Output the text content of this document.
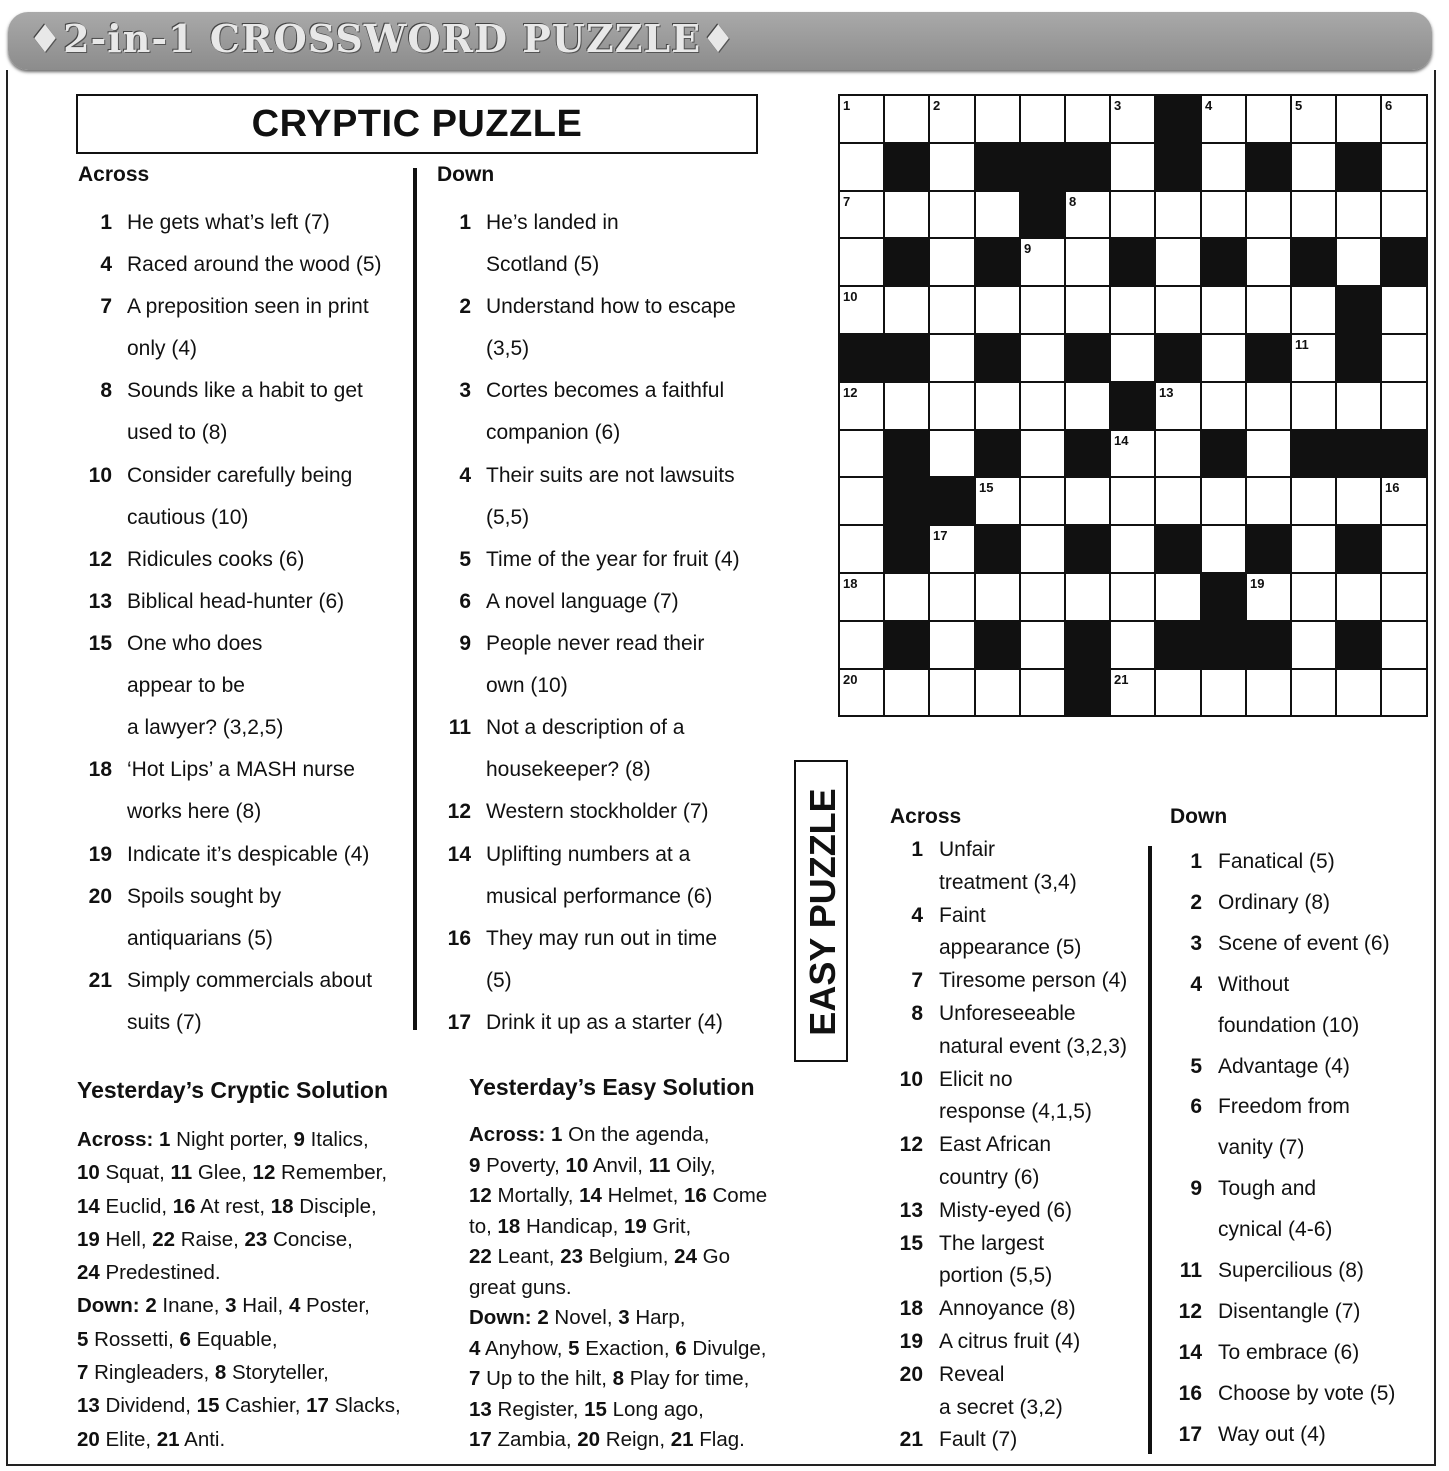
♦2-in-1 CROSSWORD PUZZLE♦
CRYPTIC PUZZLE
Across	Down
1 He gets what’s left (7)
4 Raced around the wood (5)
7 A preposition seen in print
only (4)
8 Sounds like a habit to get
used to (8)
10 Consider carefully being
cautious (10)
12 Ridicules cooks (6)
13 Biblical head-hunter (6)
15 One who does
appear to be
a lawyer? (3,2,5)
18 ‘Hot Lips’ a MASH nurse
works here (8)
19 Indicate it’s despicable (4)
20 Spoils sought by
antiquarians (5)
21 Simply commercials about
suits (7)
1 He’s landed in
Scotland (5)
2 Understand how to escape
(3,5)
3 Cortes becomes a faithful
companion (6)
4 Their suits are not lawsuits
(5,5)
5 Time of the year for fruit (4)
6 A novel language (7)
9 People never read their
own (10)
11 Not a description of a
housekeeper? (8)
12 Western stockholder (7)
14 Uplifting numbers at a
musical performance (6)
16 They may run out in time
(5)
17 Drink it up as a starter (4)
1	2	3	4	5	6
7	8
9
10
11
12	13
14
15	16
17
18	19
20	21
EASY PUZZLE Across	Down
1 Unfair
treatment (3,4)
4 Faint
appearance (5)
7 Tiresome person (4)
8 Unforeseeable
natural event (3,2,3)
10 Elicit no
response (4,1,5)
12 East African
country (6)
13 Misty-eyed (6)
15 The largest
portion (5,5)
18 Annoyance (8)
19 A citrus fruit (4)
20 Reveal
a secret (3,2)
21 Fault (7)
1 Fanatical (5)
2 Ordinary (8)
3 Scene of event (6)
4 Without
foundation (10)
5 Advantage (4)
6 Freedom from
vanity (7)
9 Tough and
cynical (4-6)
11 Supercilious (8)
12 Disentangle (7)
14 To embrace (6)
16 Choose by vote (5)
17 Way out (4)
Yesterday’s Cryptic Solution
Across: 1 Night porter, 9 Italics,
10 Squat, 11 Glee, 12 Remember,
14 Euclid, 16 At rest, 18 Disciple,
19 Hell, 22 Raise, 23 Concise,
24 Predestined.
Down: 2 Inane, 3 Hail, 4 Poster,
5 Rossetti, 6 Equable,
7 Ringleaders, 8 Storyteller,
13 Dividend, 15 Cashier, 17 Slacks,
20 Elite, 21 Anti.
Yesterday’s Easy Solution
Across: 1 On the agenda,
9 Poverty, 10 Anvil, 11 Oily,
12 Mortally, 14 Helmet, 16 Come
to, 18 Handicap, 19 Grit,
22 Leant, 23 Belgium, 24 Go
great guns.
Down: 2 Novel, 3 Harp,
4 Anyhow, 5 Exaction, 6 Divulge,
7 Up to the hilt, 8 Play for time,
13 Register, 15 Long ago,
17 Zambia, 20 Reign, 21 Flag.
